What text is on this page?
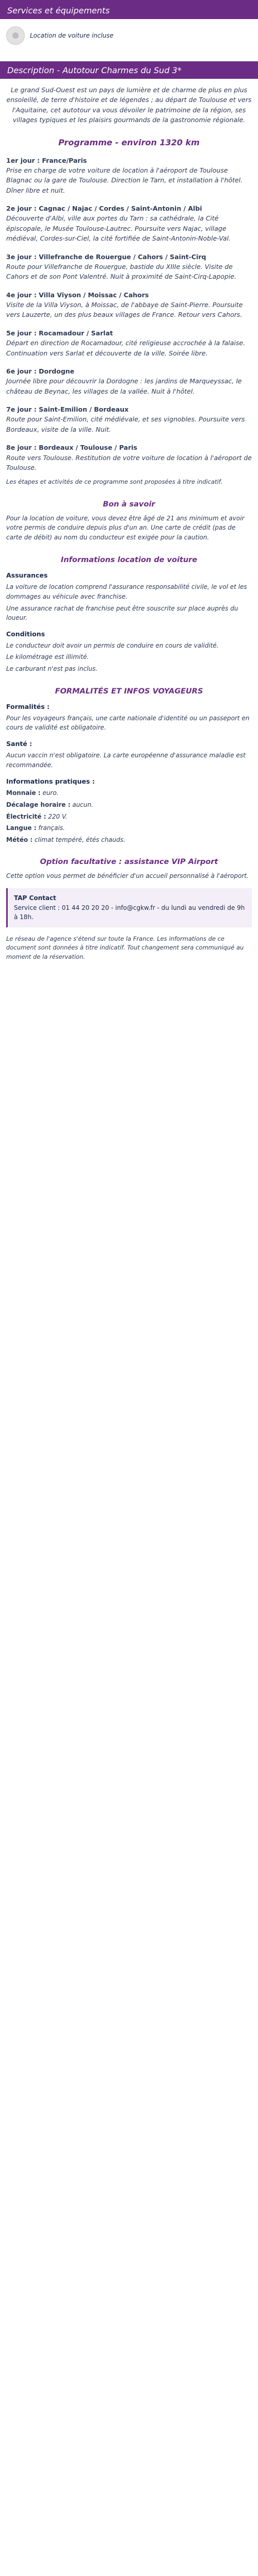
Services et équipements
Location de voiture incluse
Description - Autotour Charmes du Sud 3*

Le grand Sud-Ouest est un pays de lumière et de charme de plus en plus ensoleillé, de terre d'histoire et de légendes ; au départ de Toulouse et vers l'Aquitaine, cet autotour va vous dévoiler le patrimoine de la région, ses villages typiques et les plaisirs gourmands de la gastronomie régionale.

Programme - environ 1320 km
1er jour : France/Paris
Prise en charge de votre voiture de location à l'aéroport de Toulouse Blagnac ou la gare de Toulouse. Direction le Tarn, et installation à l'hôtel. Dîner libre et nuit.
2e jour : Cagnac / Najac / Cordes / Saint-Antonin / Albi
Découverte d'Albi, ville aux portes du Tarn : sa cathédrale, la Cité épiscopale, le Musée Toulouse-Lautrec. Poursuite vers Najac, village médiéval, Cordes-sur-Ciel, la cité fortifiée de Saint-Antonin-Noble-Val.
3e jour : Villefranche de Rouergue / Cahors / Saint-Cirq
Route pour Villefranche de Rouergue, bastide du XIIIe siècle. Visite de Cahors et de son Pont Valentré. Nuit à proximité de Saint-Cirq-Lapopie.
4e jour : Villa Viyson / Moissac / Cahors
Visite de la Villa Viyson, à Moissac, de l'abbaye de Saint-Pierre. Poursuite vers Lauzerte, un des plus beaux villages de France. Retour vers Cahors.
5e jour : Rocamadour / Sarlat
Départ en direction de Rocamadour, cité religieuse accrochée à la falaise. Continuation vers Sarlat et découverte de la ville. Soirée libre.
6e jour : Dordogne
Journée libre pour découvrir la Dordogne : les jardins de Marqueyssac, le château de Beynac, les villages de la vallée. Nuit à l'hôtel.
7e jour : Saint-Emilion / Bordeaux
Route pour Saint-Emilion, cité médiévale, et ses vignobles. Poursuite vers Bordeaux, visite de la ville. Nuit.
8e jour : Bordeaux / Toulouse / Paris
Route vers Toulouse. Restitution de votre voiture de location à l'aéroport de Toulouse.

Les étapes et activités de ce programme sont proposées à titre indicatif.

Bon à savoir

Pour la location de voiture, vous devez être âgé de 21 ans minimum et avoir votre permis de conduire depuis plus d'un an. Une carte de crédit (pas de carte de débit) au nom du conducteur est exigée pour la caution.

Informations location de voiture
Assurances
La voiture de location comprend l'assurance responsabilité civile, le vol et les dommages au véhicule avec franchise.
Une assurance rachat de franchise peut être souscrite sur place auprès du loueur.
Conditions
Le conducteur doit avoir un permis de conduire en cours de validité.
Le kilométrage est illimité.
Le carburant n'est pas inclus.
FORMALITÉS ET INFOS VOYAGEURS
Formalités :

Pour les voyageurs français, une carte nationale d'identité ou un passeport en cours de validité est obligatoire.

Santé :

Aucun vaccin n'est obligatoire. La carte européenne d'assurance maladie est recommandée.

Informations pratiques :
Monnaie : euro.
Décalage horaire : aucun.
Électricité : 220 V.
Langue : français.
Météo : climat tempéré, étés chauds.
Option facultative : assistance VIP Airport

Cette option vous permet de bénéficier d'un accueil personnalisé à l'aéroport.

TAP Contact
Service client : 01 44 20 20 20 - info@cgkw.fr - du lundi au vendredi de 9h à 18h.

Le réseau de l'agence s'étend sur toute la France. Les informations de ce document sont données à titre indicatif. Tout changement sera communiqué au moment de la réservation.
